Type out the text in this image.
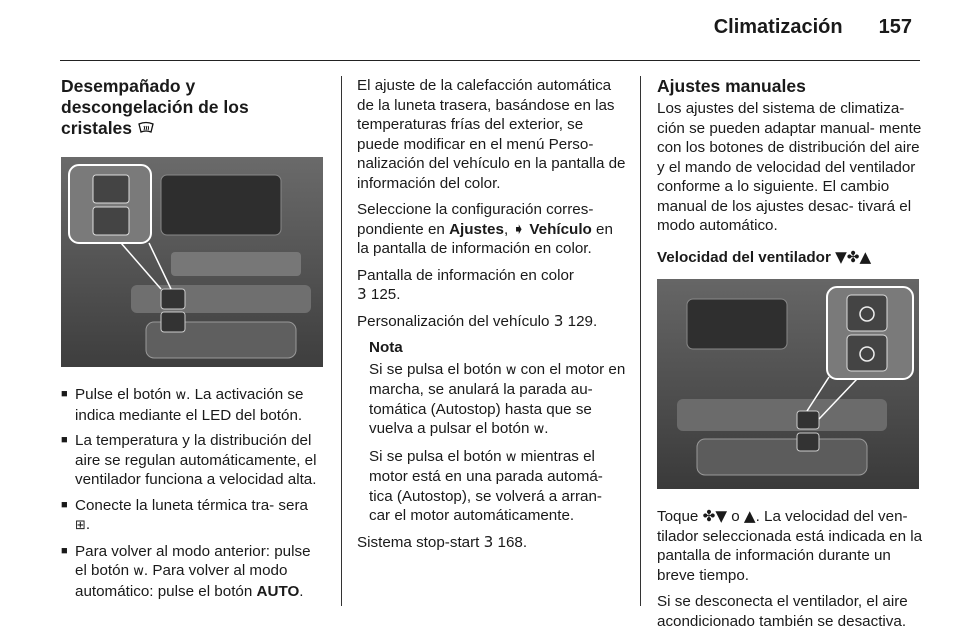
Climatización 157
Desempañado y
descongelación de los
cristales
■ Pulse el botón ᴡ. La activación se indica mediante el LED del botón.
■ La temperatura y la distribución del aire se regulan automáticamente, el ventilador funciona a velocidad alta.
■ Conecte la luneta térmica tra- sera ⊞.
■ Para volver al modo anterior: pulse el botón ᴡ. Para volver al modo automático: pulse el botón AUTO.

El ajuste de la calefacción automática de la luneta trasera, basándose en las temperaturas frías del exterior, se puede modificar en el menú Perso- nalización del vehículo en la pantalla de información del color.

Seleccione la configuración corres- pondiente en Ajustes, ➧ Vehículo en la pantalla de información en color.

Pantalla de información en color
3 125.

Personalización del vehículo 3 129.

Nota

Si se pulsa el botón ᴡ con el motor en marcha, se anulará la parada au- tomática (Autostop) hasta que se vuelva a pulsar el botón ᴡ.

Si se pulsa el botón ᴡ mientras el motor está en una parada automá- tica (Autostop), se volverá a arran- car el motor automáticamente.

Sistema stop-start 3 168.

Ajustes manuales

Los ajustes del sistema de climatiza- ción se pueden adaptar manual- mente con los botones de distribución del aire y el mando de velocidad del ventilador conforme a lo siguiente. El cambio manual de los ajustes desac- tivará el modo automático.

Velocidad del ventilador ▼✤▲

Toque ✤▼ o ▲. La velocidad del ven- tilador seleccionada está indicada en la pantalla de información durante un breve tiempo.

Si se desconecta el ventilador, el aire acondicionado también se desactiva.
